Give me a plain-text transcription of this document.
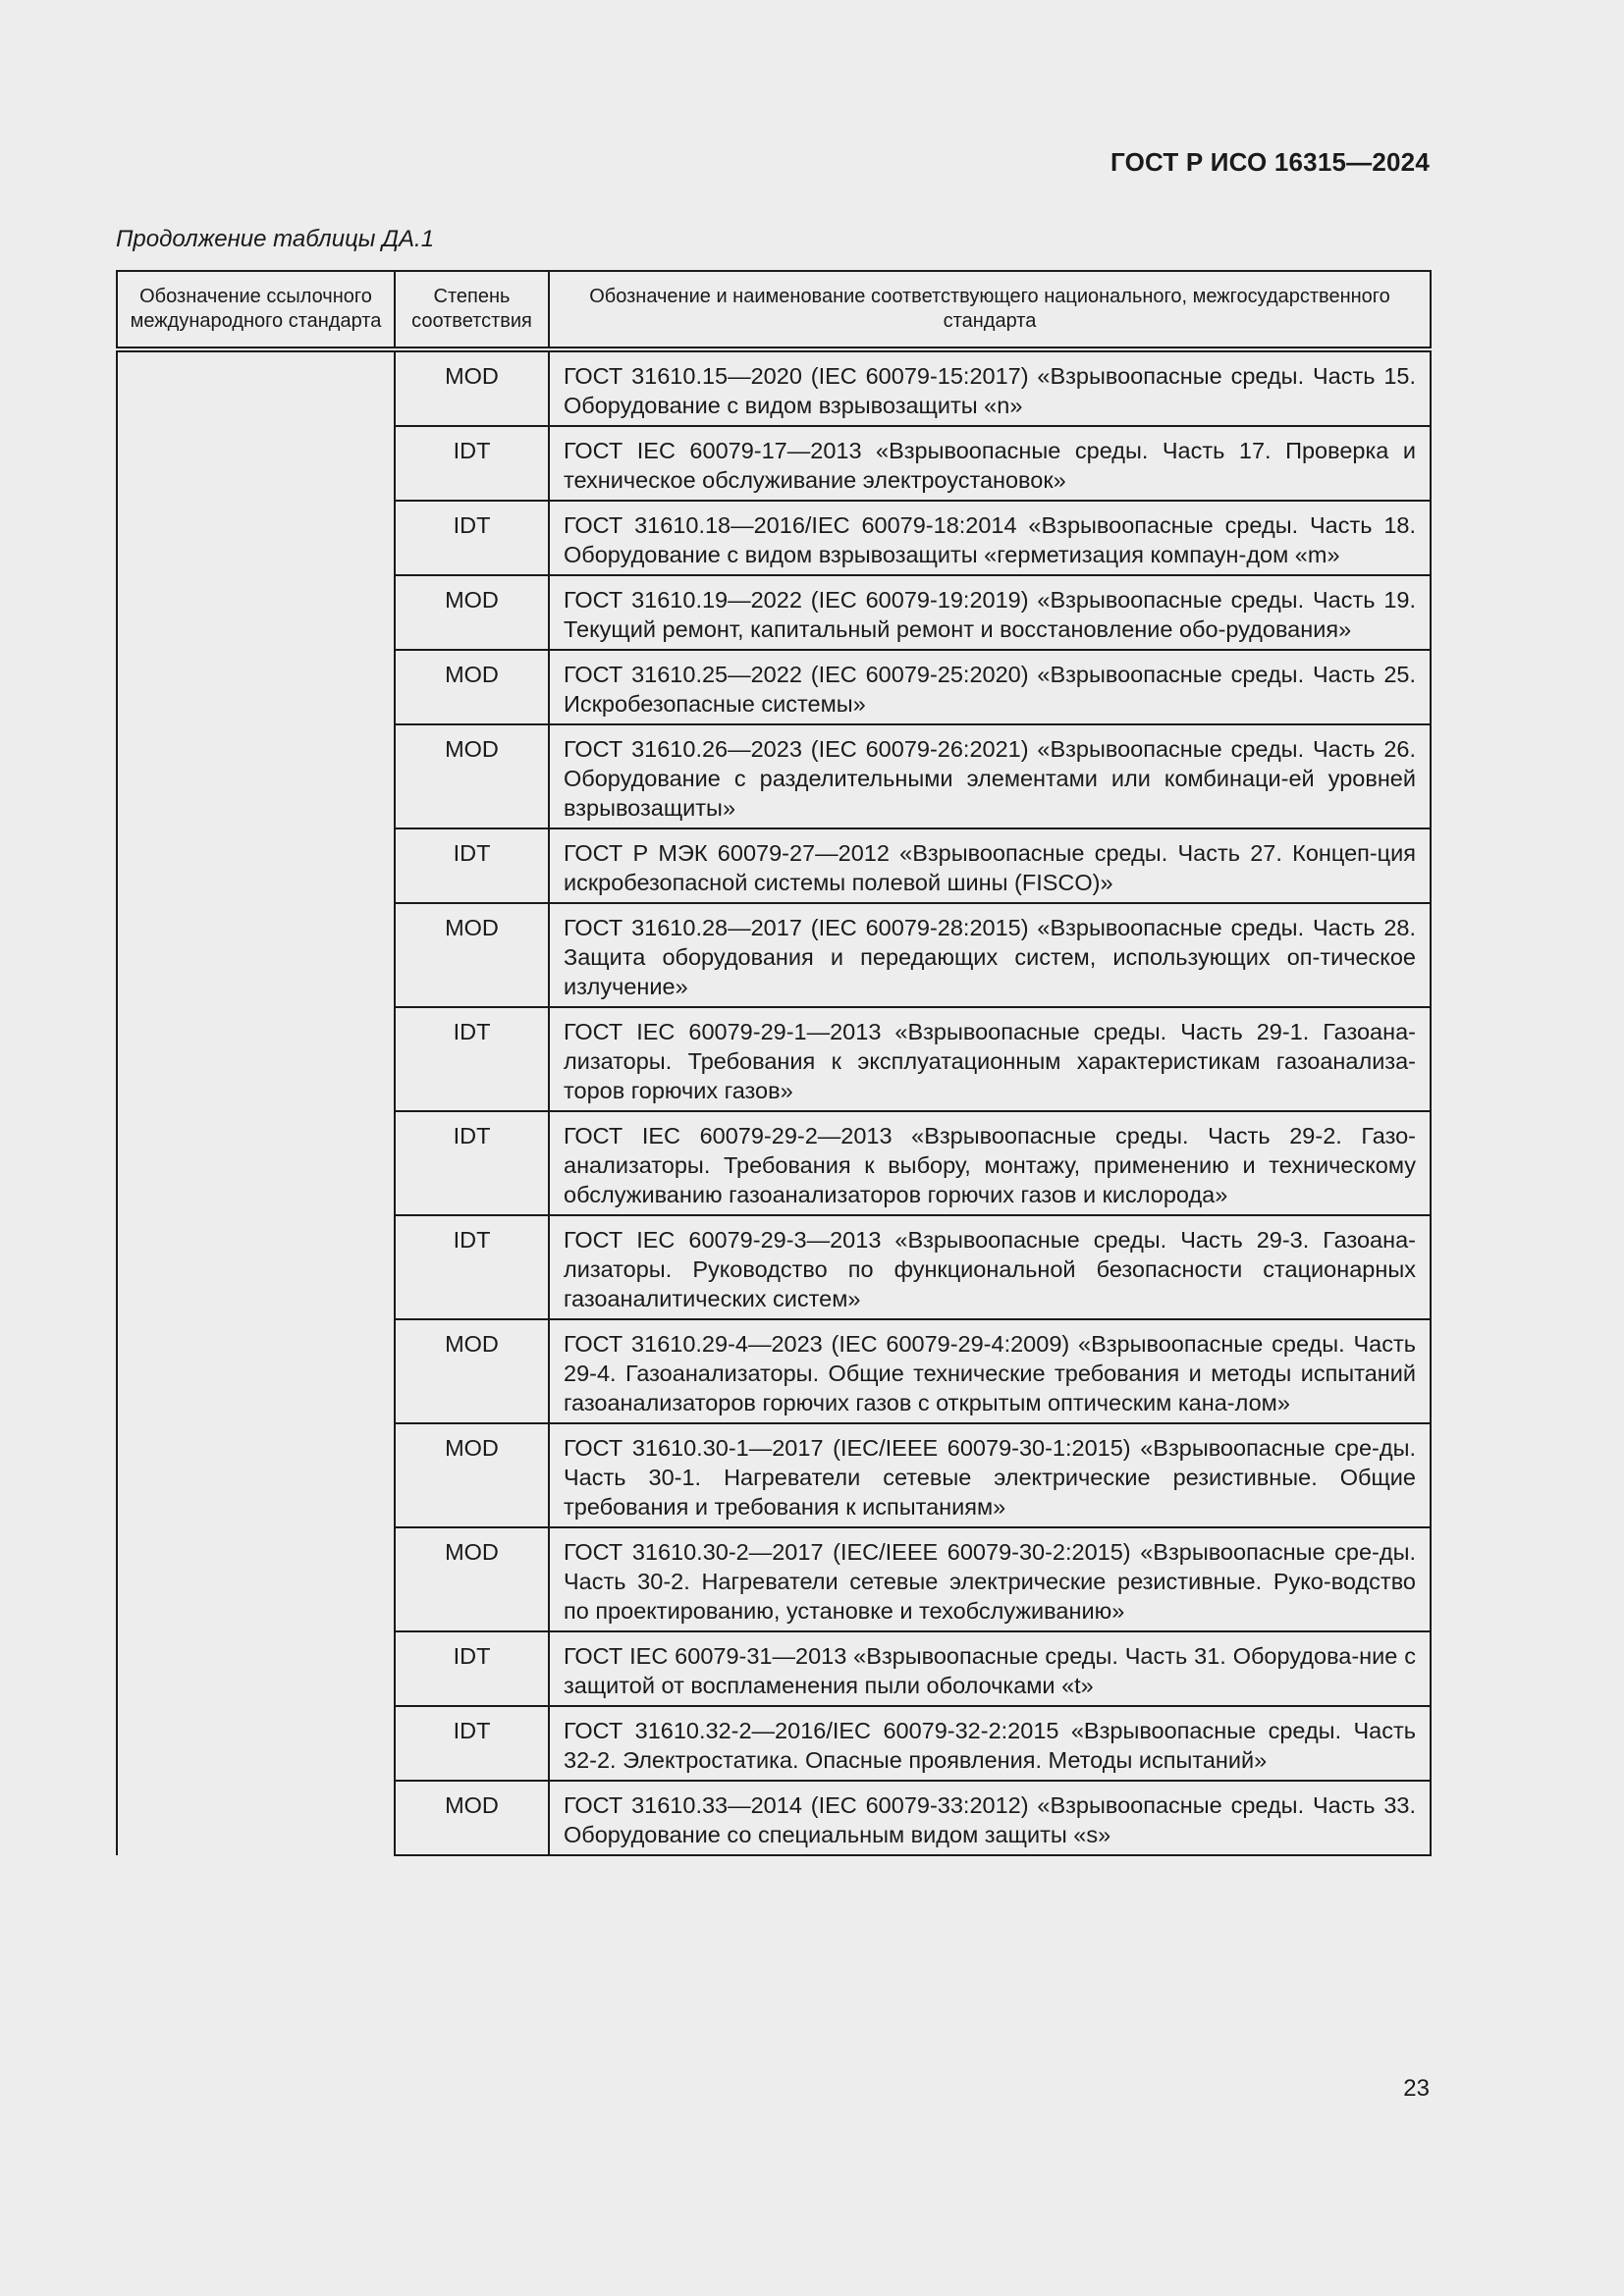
ГОСТ Р ИСО 16315—2024
Продолжение таблицы ДА.1
Обозначение ссылочного международного стандарта	Степень соответствия	Обозначение и наименование соответствующего национального, межгосударственного стандарта
	MOD	ГОСТ 31610.15—2020 (IEC 60079-15:2017) «Взрывоопасные среды. Часть 15. Оборудование с видом взрывозащиты «n»
	IDT	ГОСТ IEC 60079-17—2013 «Взрывоопасные среды. Часть 17. Проверка и техническое обслуживание электроустановок»
	IDT	ГОСТ 31610.18—2016/IEC 60079-18:2014 «Взрывоопасные среды. Часть 18. Оборудование с видом взрывозащиты «герметизация компаун-дом «m»
	MOD	ГОСТ 31610.19—2022 (IEC 60079-19:2019) «Взрывоопасные среды. Часть 19. Текущий ремонт, капитальный ремонт и восстановление обо-рудования»
	MOD	ГОСТ 31610.25—2022 (IEC 60079-25:2020) «Взрывоопасные среды. Часть 25. Искробезопасные системы»
	MOD	ГОСТ 31610.26—2023 (IEC 60079-26:2021) «Взрывоопасные среды. Часть 26. Оборудование с разделительными элементами или комбинаци-ей уровней взрывозащиты»
	IDT	ГОСТ Р МЭК 60079-27—2012 «Взрывоопасные среды. Часть 27. Концеп-ция искробезопасной системы полевой шины (FISCO)»
	MOD	ГОСТ 31610.28—2017 (IEC 60079-28:2015) «Взрывоопасные среды. Часть 28. Защита оборудования и передающих систем, использующих оп-тическое излучение»
	IDT	ГОСТ IEC 60079-29-1—2013 «Взрывоопасные среды. Часть 29-1. Газоана-лизаторы. Требования к эксплуатационным характеристикам газоанализа-торов горючих газов»
	IDT	ГОСТ IEC 60079-29-2—2013 «Взрывоопасные среды. Часть 29-2. Газо-анализаторы. Требования к выбору, монтажу, применению и техническому обслуживанию газоанализаторов горючих газов и кислорода»
	IDT	ГОСТ IEC 60079-29-3—2013 «Взрывоопасные среды. Часть 29-3. Газоана-лизаторы. Руководство по функциональной безопасности стационарных газоаналитических систем»
	MOD	ГОСТ 31610.29-4—2023 (IEC 60079-29-4:2009) «Взрывоопасные среды. Часть 29-4. Газоанализаторы. Общие технические требования и методы испытаний газоанализаторов горючих газов с открытым оптическим кана-лом»
	MOD	ГОСТ 31610.30-1—2017 (IEC/IEEE 60079-30-1:2015) «Взрывоопасные сре-ды. Часть 30-1. Нагреватели сетевые электрические резистивные. Общие требования и требования к испытаниям»
	MOD	ГОСТ 31610.30-2—2017 (IEC/IEEE 60079-30-2:2015) «Взрывоопасные сре-ды. Часть 30-2. Нагреватели сетевые электрические резистивные. Руко-водство по проектированию, установке и техобслуживанию»
	IDT	ГОСТ IEC 60079-31—2013 «Взрывоопасные среды. Часть 31. Оборудова-ние с защитой от воспламенения пыли оболочками «t»
	IDT	ГОСТ 31610.32-2—2016/IEC 60079-32-2:2015 «Взрывоопасные среды. Часть 32-2. Электростатика. Опасные проявления. Методы испытаний»
	MOD	ГОСТ 31610.33—2014 (IEC 60079-33:2012) «Взрывоопасные среды. Часть 33. Оборудование со специальным видом защиты «s»
23
